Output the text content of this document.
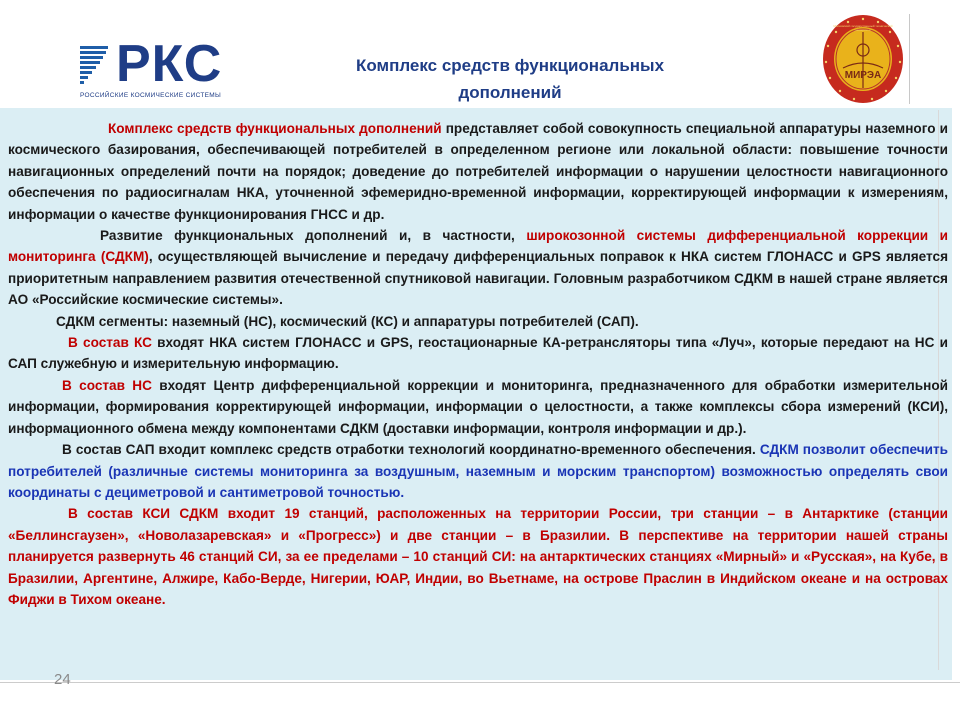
РКС
РОССИЙСКИЕ КОСМИЧЕСКИЕ СИСТЕМЫ
Комплекс средств функциональных
дополнений
МИРЭА
Московский государственный технический университет

Комплекс средств функциональных дополнений представляет собой совокупность специальной аппаратуры наземного и космического базирования, обеспечивающей потребителей в определенном регионе или локальной области: повышение точности навигационных определений почти на порядок; доведение до потребителей информации о нарушении целостности навигационного обеспечения по радиосигналам НКА, уточненной эфемеридно-временной информации, корректирующей информации к измерениям, информации о качестве функционирования ГНСС и др.

Развитие функциональных дополнений и, в частности, широкозонной системы дифференциальной коррекции и мониторинга (СДКМ), осуществляющей вычисление и передачу дифференциальных поправок к НКА систем ГЛОНАСС и GPS является приоритетным направлением развития отечественной спутниковой навигации. Головным разработчиком СДКМ в нашей стране является АО «Российские космические системы».

СДКМ сегменты: наземный (НС), космический (КС) и аппаратуры потребителей (САП).

В состав КС входят НКА систем ГЛОНАСС и GPS, геостационарные КА-ретрансляторы типа «Луч», которые передают на НС и САП служебную и измерительную информацию.

В состав НС входят Центр дифференциальной коррекции и мониторинга, предназначенного для обработки измерительной информации, формирования корректирующей информации, информации о целостности, а также комплексы сбора измерений (КСИ), информационного обмена между компонентами СДКМ (доставки информации, контроля информации и др.).

В состав САП входит комплекс средств отработки технологий координатно-временного обеспечения. СДКМ позволит обеспечить потребителей (различные системы мониторинга за воздушным, наземным и морским транспортом) возможностью определять свои координаты с дециметровой и сантиметровой точностью.

В состав КСИ СДКМ входит 19 станций, расположенных на территории России, три станции – в Антарктике (станции «Беллинсгаузен», «Новолазаревская» и «Прогресс») и две станции – в Бразилии. В перспективе на территории нашей страны планируется развернуть 46 станций СИ, за ее пределами – 10 станций СИ: на антарктических станциях «Мирный» и «Русская», на Кубе, в Бразилии, Аргентине, Алжире, Кабо-Верде, Нигерии, ЮАР, Индии, во Вьетнаме, на острове Праслин в Индийском океане и на островах Фиджи в Тихом океане.

24
